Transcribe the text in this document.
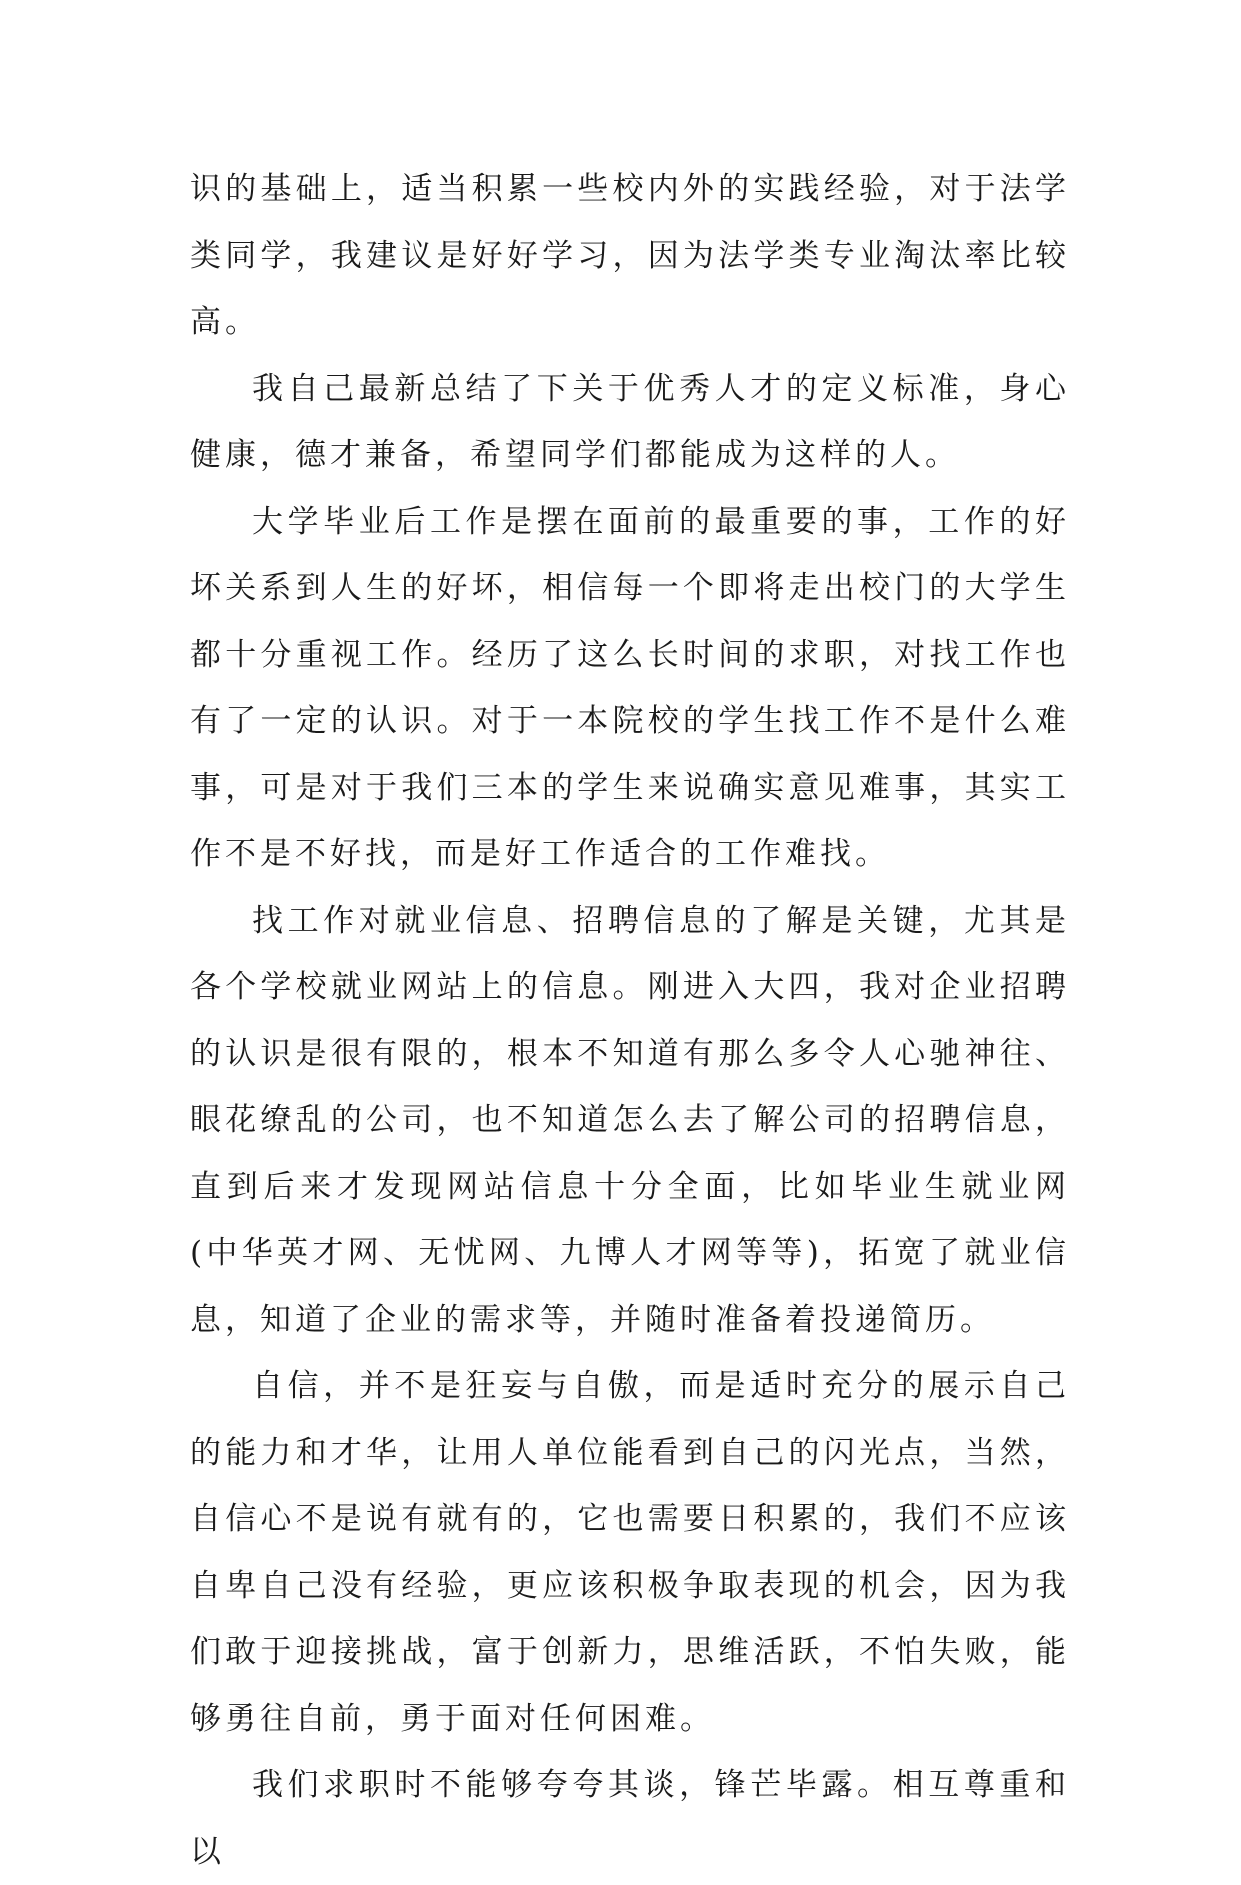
识的基础上，适当积累一些校内外的实践经验，对于法学类同学，我建议是好好学习，因为法学类专业淘汰率比较高。

我自己最新总结了下关于优秀人才的定义标准，身心健康，德才兼备，希望同学们都能成为这样的人。

大学毕业后工作是摆在面前的最重要的事，工作的好坏关系到人生的好坏，相信每一个即将走出校门的大学生都十分重视工作。经历了这么长时间的求职，对找工作也有了一定的认识。对于一本院校的学生找工作不是什么难事，可是对于我们三本的学生来说确实意见难事，其实工作不是不好找，而是好工作适合的工作难找。

找工作对就业信息、招聘信息的了解是关键，尤其是各个学校就业网站上的信息。刚进入大四，我对企业招聘的认识是很有限的，根本不知道有那么多令人心驰神往、眼花缭乱的公司，也不知道怎么去了解公司的招聘信息，直到后来才发现网站信息十分全面，比如毕业生就业网(中华英才网、无忧网、九博人才网等等)，拓宽了就业信息，知道了企业的需求等，并随时准备着投递简历。

自信，并不是狂妄与自傲，而是适时充分的展示自己的能力和才华，让用人单位能看到自己的闪光点，当然，自信心不是说有就有的，它也需要日积累的，我们不应该自卑自己没有经验，更应该积极争取表现的机会，因为我们敢于迎接挑战，富于创新力，思维活跃，不怕失败，能够勇往自前，勇于面对任何困难。

我们求职时不能够夸夸其谈，锋芒毕露。相互尊重和以
